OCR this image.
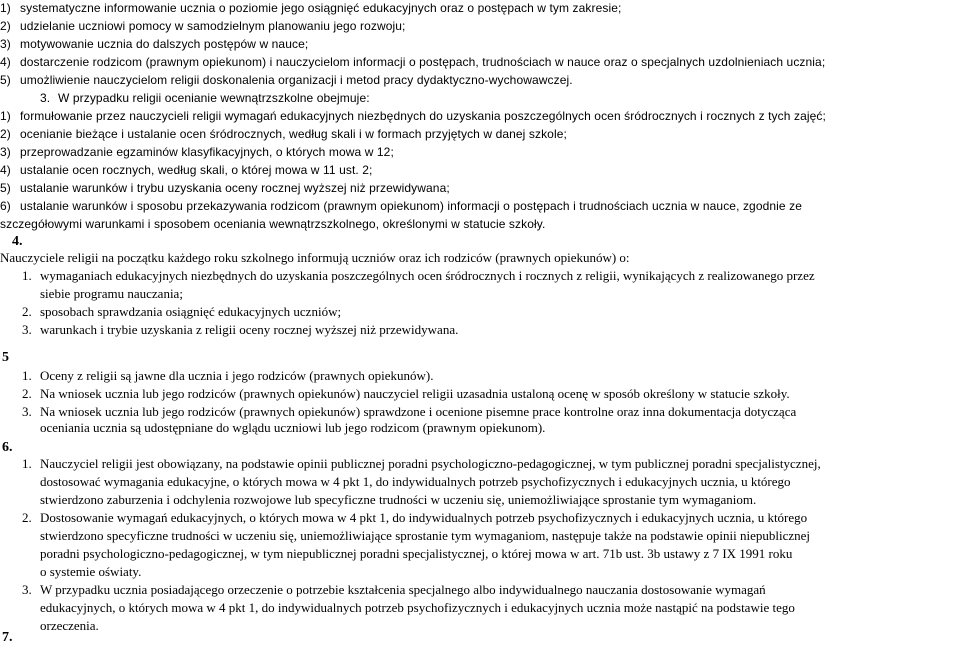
1) systematyczne informowanie ucznia o poziomie jego osiągnięć edukacyjnych oraz o postępach w tym zakresie;
2) udzielanie uczniowi pomocy w samodzielnym planowaniu jego rozwoju;
3) motywowanie ucznia do dalszych postępów w nauce;
4) dostarczenie rodzicom (prawnym opiekunom) i nauczycielom informacji o postępach, trudnościach w nauce oraz o specjalnych uzdolnieniach ucznia;
5) umożliwienie nauczycielom religii doskonalenia organizacji i metod pracy dydaktyczno-wychowawczej.
3. W przypadku religii ocenianie wewnątrzszkolne obejmuje:
1) formułowanie przez nauczycieli religii wymagań edukacyjnych niezbędnych do uzyskania poszczególnych ocen śródrocznych i rocznych z tych zajęć;
2) ocenianie bieżące i ustalanie ocen śródrocznych, według skali i w formach przyjętych w danej szkole;
3) przeprowadzanie egzaminów klasyfikacyjnych, o których mowa w 12;
4) ustalanie ocen rocznych, według skali, o której mowa w 11 ust. 2;
5) ustalanie warunków i trybu uzyskania oceny rocznej wyższej niż przewidywana;
6) ustalanie warunków i sposobu przekazywania rodzicom (prawnym opiekunom) informacji o postępach i trudnościach ucznia w nauce, zgodnie ze
szczegółowymi warunkami i sposobem oceniania wewnątrzszkolnego, określonymi w statucie szkoły.
4.
Nauczyciele religii na początku każdego roku szkolnego informują uczniów oraz ich rodziców (prawnych opiekunów) o:
1. wymaganiach edukacyjnych niezbędnych do uzyskania poszczególnych ocen śródrocznych i rocznych z religii, wynikających z realizowanego przez
siebie programu nauczania;
2. sposobach sprawdzania osiągnięć edukacyjnych uczniów;
3. warunkach i trybie uzyskania z religii oceny rocznej wyższej niż przewidywana.
5
1. Oceny z religii są jawne dla ucznia i jego rodziców (prawnych opiekunów).
2. Na wniosek ucznia lub jego rodziców (prawnych opiekunów) nauczyciel religii uzasadnia ustaloną ocenę w sposób określony w statucie szkoły.
3. Na wniosek ucznia lub jego rodziców (prawnych opiekunów) sprawdzone i ocenione pisemne prace kontrolne oraz inna dokumentacja dotycząca
oceniania ucznia są udostępniane do wglądu uczniowi lub jego rodzicom (prawnym opiekunom).
6.
1. Nauczyciel religii jest obowiązany, na podstawie opinii publicznej poradni psychologiczno-pedagogicznej, w tym publicznej poradni specjalistycznej,
dostosować wymagania edukacyjne, o których mowa w 4 pkt 1, do indywidualnych potrzeb psychofizycznych i edukacyjnych ucznia, u którego
stwierdzono zaburzenia i odchylenia rozwojowe lub specyficzne trudności w uczeniu się, uniemożliwiające sprostanie tym wymaganiom.
2. Dostosowanie wymagań edukacyjnych, o których mowa w 4 pkt 1, do indywidualnych potrzeb psychofizycznych i edukacyjnych ucznia, u którego
stwierdzono specyficzne trudności w uczeniu się, uniemożliwiające sprostanie tym wymaganiom, następuje także na podstawie opinii niepublicznej
poradni psychologiczno-pedagogicznej, w tym niepublicznej poradni specjalistycznej, o której mowa w art. 71b ust. 3b ustawy z 7 IX 1991 roku
o systemie oświaty.
3. W przypadku ucznia posiadającego orzeczenie o potrzebie kształcenia specjalnego albo indywidualnego nauczania dostosowanie wymagań
edukacyjnych, o których mowa w 4 pkt 1, do indywidualnych potrzeb psychofizycznych i edukacyjnych ucznia może nastąpić na podstawie tego
orzeczenia.
7.
